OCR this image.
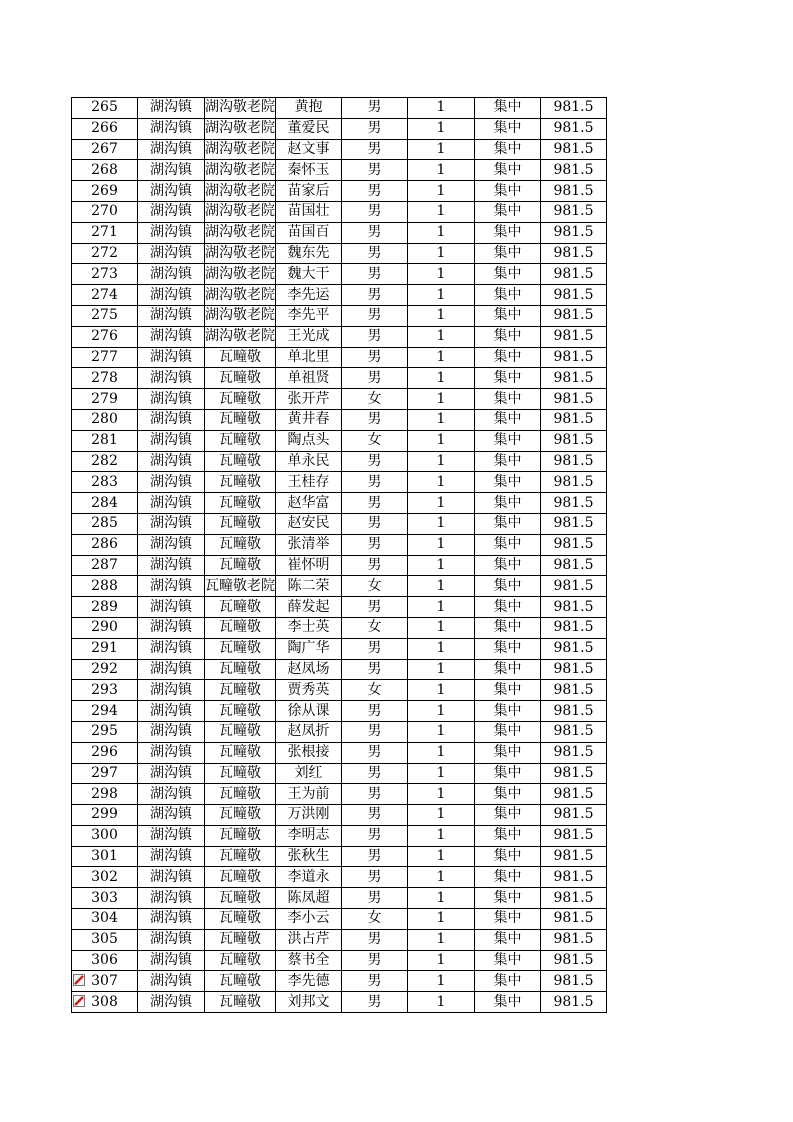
265	湖沟镇	湖沟敬老院	黄抱	男	1	集中	981.5
266	湖沟镇	湖沟敬老院	董爱民	男	1	集中	981.5
267	湖沟镇	湖沟敬老院	赵文事	男	1	集中	981.5
268	湖沟镇	湖沟敬老院	秦怀玉	男	1	集中	981.5
269	湖沟镇	湖沟敬老院	苗家后	男	1	集中	981.5
270	湖沟镇	湖沟敬老院	苗国壮	男	1	集中	981.5
271	湖沟镇	湖沟敬老院	苗国百	男	1	集中	981.5
272	湖沟镇	湖沟敬老院	魏东先	男	1	集中	981.5
273	湖沟镇	湖沟敬老院	魏大干	男	1	集中	981.5
274	湖沟镇	湖沟敬老院	李先运	男	1	集中	981.5
275	湖沟镇	湖沟敬老院	李先平	男	1	集中	981.5
276	湖沟镇	湖沟敬老院	王光成	男	1	集中	981.5
277	湖沟镇	瓦疃敬	单北里	男	1	集中	981.5
278	湖沟镇	瓦疃敬	单祖贤	男	1	集中	981.5
279	湖沟镇	瓦疃敬	张开芹	女	1	集中	981.5
280	湖沟镇	瓦疃敬	黄井春	男	1	集中	981.5
281	湖沟镇	瓦疃敬	陶点头	女	1	集中	981.5
282	湖沟镇	瓦疃敬	单永民	男	1	集中	981.5
283	湖沟镇	瓦疃敬	王桂存	男	1	集中	981.5
284	湖沟镇	瓦疃敬	赵华富	男	1	集中	981.5
285	湖沟镇	瓦疃敬	赵安民	男	1	集中	981.5
286	湖沟镇	瓦疃敬	张清举	男	1	集中	981.5
287	湖沟镇	瓦疃敬	崔怀明	男	1	集中	981.5
288	湖沟镇	瓦疃敬老院	陈二荣	女	1	集中	981.5
289	湖沟镇	瓦疃敬	薛发起	男	1	集中	981.5
290	湖沟镇	瓦疃敬	李士英	女	1	集中	981.5
291	湖沟镇	瓦疃敬	陶广华	男	1	集中	981.5
292	湖沟镇	瓦疃敬	赵凤场	男	1	集中	981.5
293	湖沟镇	瓦疃敬	贾秀英	女	1	集中	981.5
294	湖沟镇	瓦疃敬	徐从课	男	1	集中	981.5
295	湖沟镇	瓦疃敬	赵凤折	男	1	集中	981.5
296	湖沟镇	瓦疃敬	张根接	男	1	集中	981.5
297	湖沟镇	瓦疃敬	刘红	男	1	集中	981.5
298	湖沟镇	瓦疃敬	王为前	男	1	集中	981.5
299	湖沟镇	瓦疃敬	万洪刚	男	1	集中	981.5
300	湖沟镇	瓦疃敬	李明志	男	1	集中	981.5
301	湖沟镇	瓦疃敬	张秋生	男	1	集中	981.5
302	湖沟镇	瓦疃敬	李道永	男	1	集中	981.5
303	湖沟镇	瓦疃敬	陈凤超	男	1	集中	981.5
304	湖沟镇	瓦疃敬	李小云	女	1	集中	981.5
305	湖沟镇	瓦疃敬	洪占芹	男	1	集中	981.5
306	湖沟镇	瓦疃敬	蔡书全	男	1	集中	981.5

307	湖沟镇	瓦疃敬	李先德	男	1	集中	981.5

308	湖沟镇	瓦疃敬	刘邦文	男	1	集中	981.5
